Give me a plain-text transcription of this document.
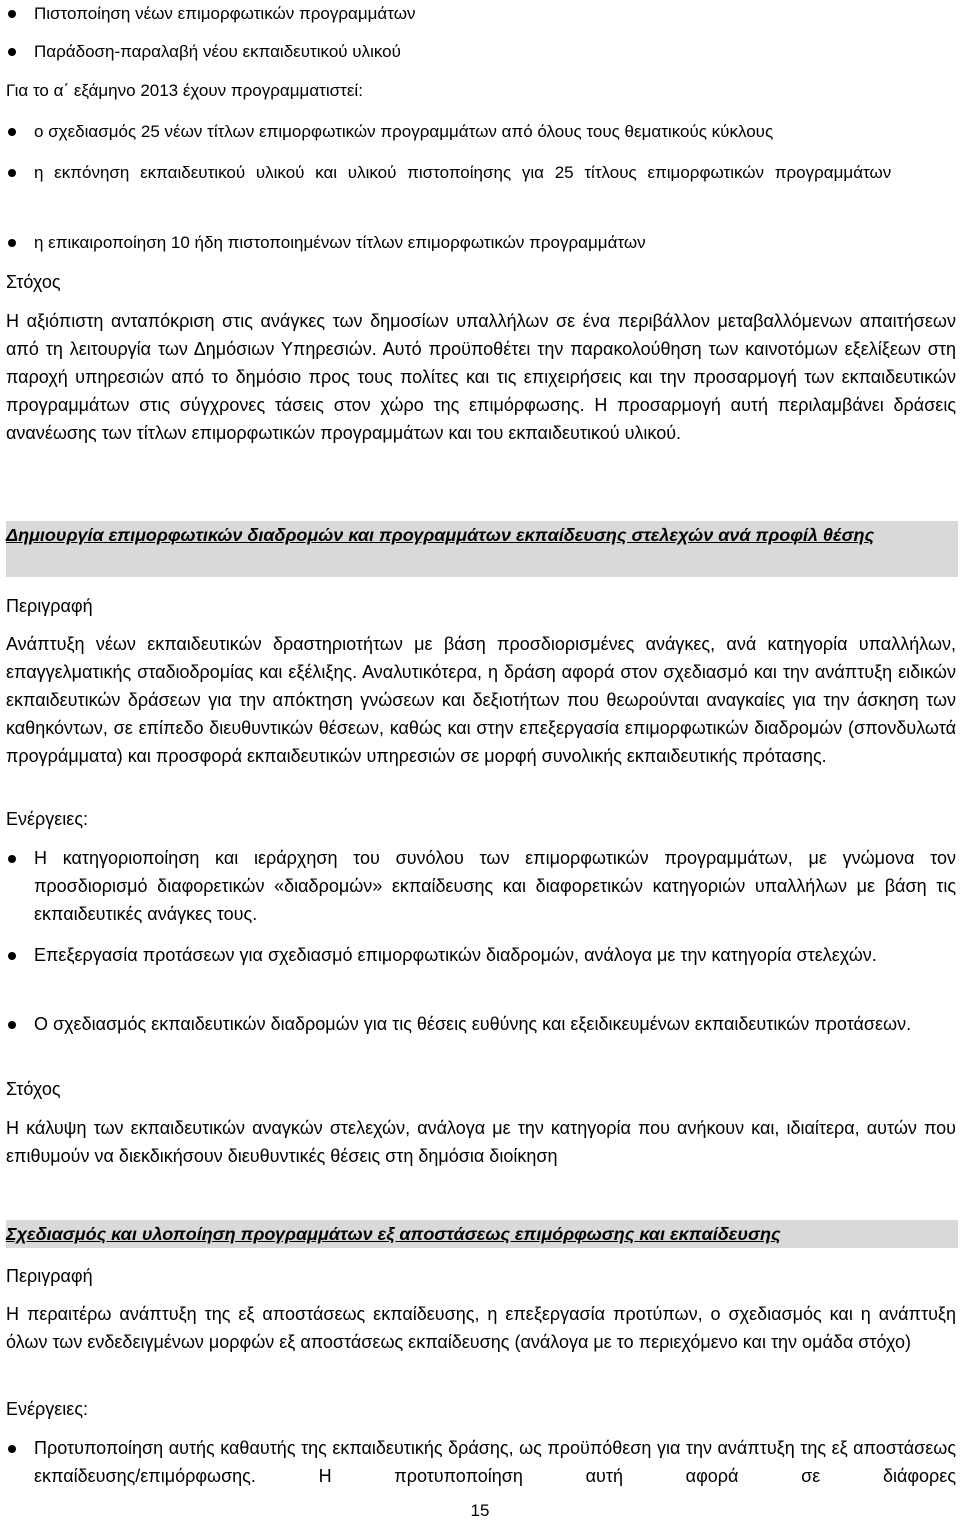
Πιστοποίηση νέων επιμορφωτικών προγραμμάτων
Παράδοση-παραλαβή νέου εκπαιδευτικού υλικού
Για το α΄ εξάμηνο 2013 έχουν προγραμματιστεί:
ο σχεδιασμός 25 νέων τίτλων επιμορφωτικών προγραμμάτων από όλους τους θεματικούς κύκλους
η εκπόνηση εκπαιδευτικού υλικού και υλικού πιστοποίησης για 25 τίτλους επιμορφωτικών προγραμμάτων
η επικαιροποίηση 10 ήδη πιστοποιημένων τίτλων επιμορφωτικών προγραμμάτων
Στόχος
Η αξιόπιστη ανταπόκριση στις ανάγκες των δημοσίων υπαλλήλων σε ένα περιβάλλον μεταβαλλόμενων απαιτήσεων από τη λειτουργία των Δημόσιων Υπηρεσιών. Αυτό προϋποθέτει την παρακολούθηση των καινοτόμων εξελίξεων στη παροχή υπηρεσιών από το δημόσιο προς τους πολίτες και τις επιχειρήσεις και την προσαρμογή των εκπαιδευτικών προγραμμάτων στις σύγχρονες τάσεις στον χώρο της επιμόρφωσης. Η προσαρμογή αυτή περιλαμβάνει δράσεις ανανέωσης των τίτλων επιμορφωτικών προγραμμάτων και του εκπαιδευτικού υλικού.
Δημιουργία επιμορφωτικών διαδρομών και προγραμμάτων εκπαίδευσης στελεχών ανά προφίλ θέσης
Περιγραφή
Ανάπτυξη νέων εκπαιδευτικών δραστηριοτήτων με βάση προσδιορισμένες ανάγκες, ανά κατηγορία υπαλλήλων, επαγγελματικής σταδιοδρομίας και εξέλιξης. Αναλυτικότερα, η δράση αφορά στον σχεδιασμό και την ανάπτυξη ειδικών εκπαιδευτικών δράσεων για την απόκτηση γνώσεων και δεξιοτήτων που θεωρούνται αναγκαίες για την άσκηση των καθηκόντων, σε επίπεδο διευθυντικών θέσεων, καθώς και στην επεξεργασία επιμορφωτικών διαδρομών (σπονδυλωτά προγράμματα) και προσφορά εκπαιδευτικών υπηρεσιών σε μορφή συνολικής εκπαιδευτικής πρότασης.
Ενέργειες:
Η κατηγοριοποίηση και ιεράρχηση του συνόλου των επιμορφωτικών προγραμμάτων, με γνώμονα τον προσδιορισμό διαφορετικών «διαδρομών» εκπαίδευσης και διαφορετικών κατηγοριών υπαλλήλων με βάση τις εκπαιδευτικές ανάγκες τους.
Επεξεργασία προτάσεων για σχεδιασμό επιμορφωτικών διαδρομών, ανάλογα με την κατηγορία στελεχών.
Ο σχεδιασμός εκπαιδευτικών διαδρομών για τις θέσεις ευθύνης και εξειδικευμένων εκπαιδευτικών προτάσεων.
Στόχος
Η κάλυψη των εκπαιδευτικών αναγκών στελεχών, ανάλογα με την κατηγορία που ανήκουν και, ιδιαίτερα, αυτών που επιθυμούν να διεκδικήσουν διευθυντικές θέσεις στη δημόσια διοίκηση
Σχεδιασμός και υλοποίηση προγραμμάτων εξ αποστάσεως επιμόρφωσης και εκπαίδευσης
Περιγραφή
Η περαιτέρω ανάπτυξη της εξ αποστάσεως εκπαίδευσης, η επεξεργασία προτύπων, ο σχεδιασμός και η ανάπτυξη όλων των ενδεδειγμένων μορφών εξ αποστάσεως εκπαίδευσης (ανάλογα με το περιεχόμενο και την ομάδα στόχο)
Ενέργειες:
Προτυποποίηση αυτής καθαυτής της εκπαιδευτικής δράσης, ως προϋπόθεση για την ανάπτυξη της εξ αποστάσεως εκπαίδευσης/επιμόρφωσης. Η προτυποποίηση αυτή αφορά σε διάφορες
15
